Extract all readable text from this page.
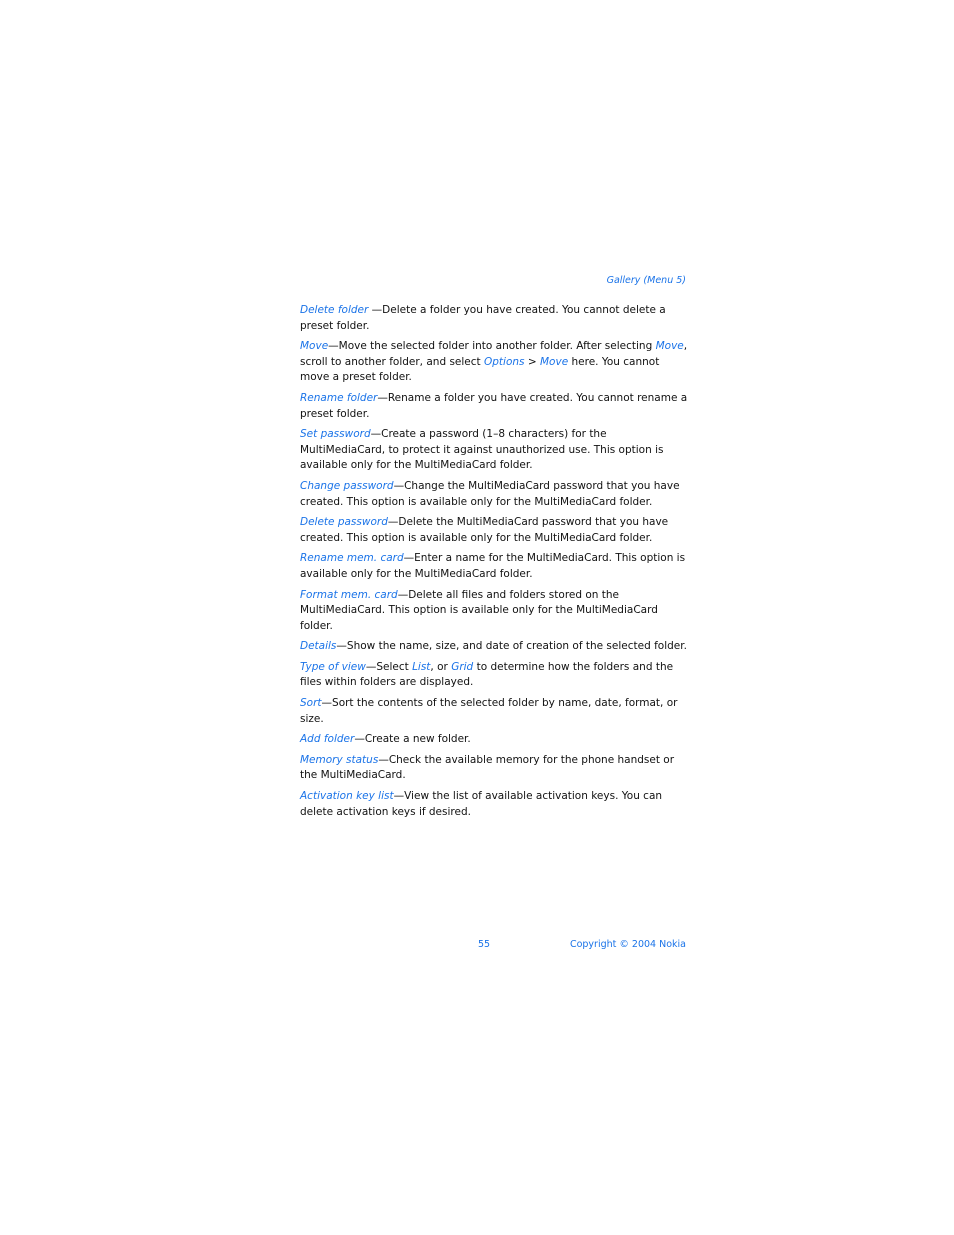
Gallery (Menu 5)
Delete folder —Delete a folder you have created. You cannot delete a preset folder.
Move—Move the selected folder into another folder. After selecting Move, scroll to another folder, and select Options > Move here. You cannot move a preset folder.
Rename folder—Rename a folder you have created. You cannot rename a preset folder.
Set password—Create a password (1–8 characters) for the MultiMediaCard, to protect it against unauthorized use. This option is available only for the MultiMediaCard folder.
Change password—Change the MultiMediaCard password that you have created. This option is available only for the MultiMediaCard folder.
Delete password—Delete the MultiMediaCard password that you have created. This option is available only for the MultiMediaCard folder.
Rename mem. card—Enter a name for the MultiMediaCard. This option is available only for the MultiMediaCard folder.
Format mem. card—Delete all files and folders stored on the MultiMediaCard. This option is available only for the MultiMediaCard folder.
Details—Show the name, size, and date of creation of the selected folder.
Type of view—Select List, or Grid to determine how the folders and the files within folders are displayed.
Sort—Sort the contents of the selected folder by name, date, format, or size.
Add folder—Create a new folder.
Memory status—Check the available memory for the phone handset or the MultiMediaCard.
Activation key list—View the list of available activation keys. You can delete activation keys if desired.
55	Copyright © 2004 Nokia
